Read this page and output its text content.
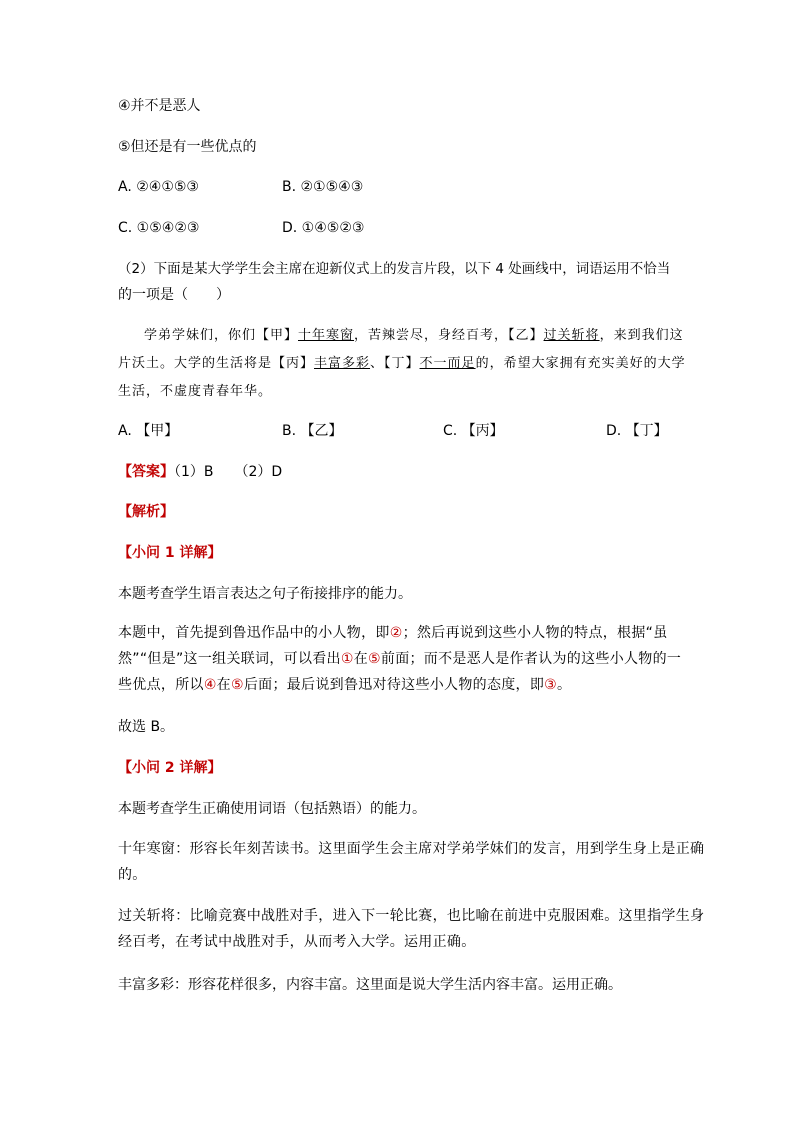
④并不是恶人
⑤但还是有一些优点的
A. ②④①⑤③	B. ②①⑤④③
C. ①⑤④②③	D. ①④⑤②③
（2）下面是某大学学生会主席在迎新仪式上的发言片段，以下 4 处画线中，词语运用不恰当
的一项是（　　）
学弟学妹们，你们【甲】十年寒窗，苦辣尝尽，身经百考，【乙】过关斩将，来到我们这
片沃土。大学的生活将是【丙】丰富多彩、【丁】不一而足的，希望大家拥有充实美好的大学
生活，不虚度青春年华。
A. 【甲】	B. 【乙】	C. 【丙】	D. 【丁】
【答案】（1）B　　（2）D
【解析】
【小问 1 详解】
本题考查学生语言表达之句子衔接排序的能力。
本题中，首先提到鲁迅作品中的小人物，即②；然后再说到这些小人物的特点，根据“虽
然”“但是”这一组关联词，可以看出①在⑤前面；而不是恶人是作者认为的这些小人物的一
些优点，所以④在⑤后面；最后说到鲁迅对待这些小人物的态度，即③。
故选 B。
【小问 2 详解】
本题考查学生正确使用词语（包括熟语）的能力。
十年寒窗：形容长年刻苦读书。这里面学生会主席对学弟学妹们的发言，用到学生身上是正确
的。
过关斩将：比喻竞赛中战胜对手，进入下一轮比赛，也比喻在前进中克服困难。这里指学生身
经百考，在考试中战胜对手，从而考入大学。运用正确。
丰富多彩：形容花样很多，内容丰富。这里面是说大学生活内容丰富。运用正确。
